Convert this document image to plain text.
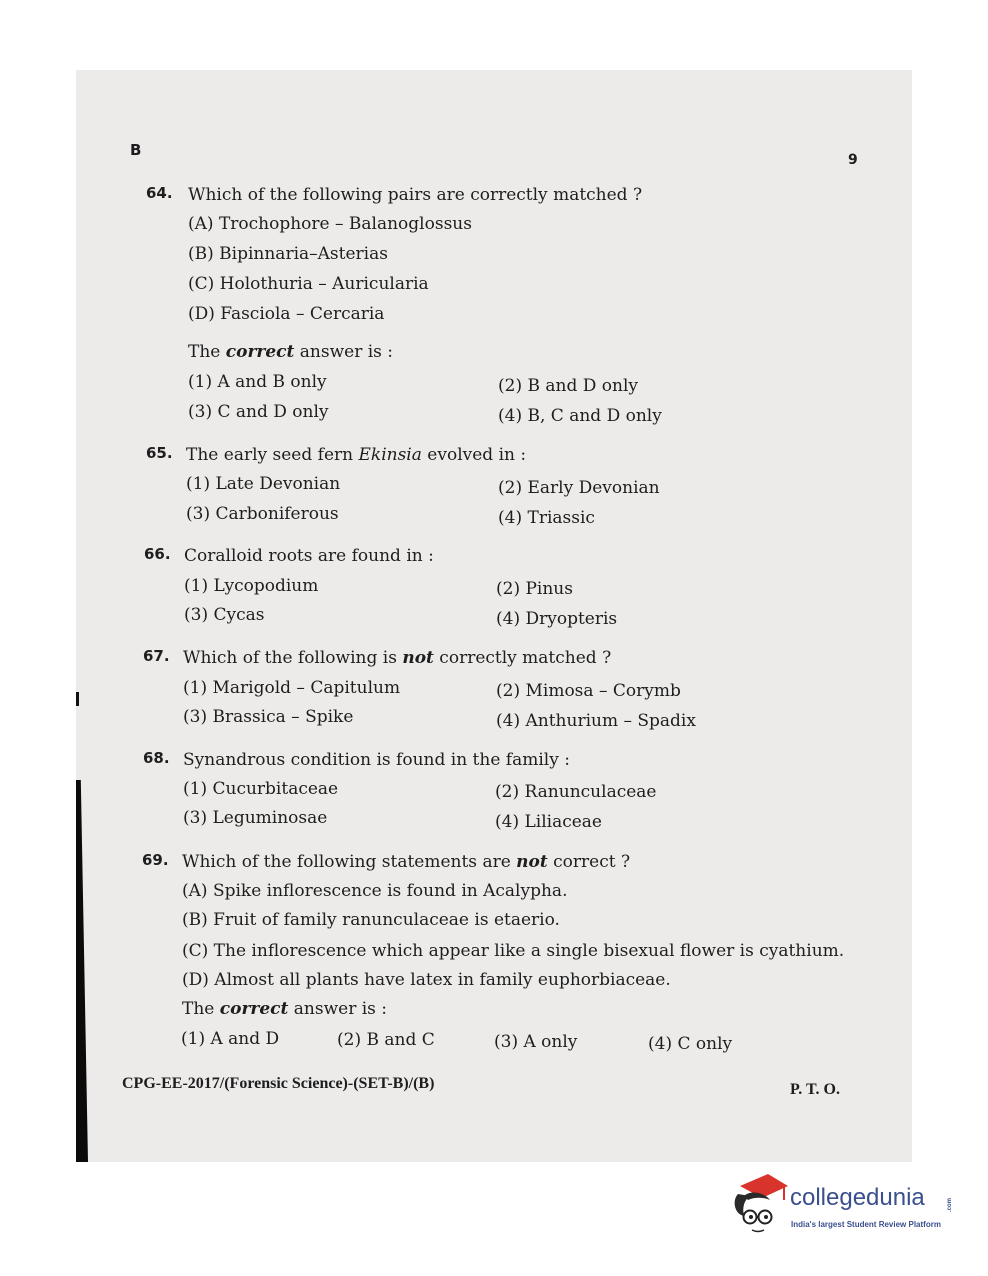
B
9
64. Which of the following pairs are correctly matched ?
(A) Trochophore – Balanoglossus
(B) Bipinnaria–Asterias
(C) Holothuria – Auricularia
(D) Fasciola – Cercaria
The correct answer is :
(1) A and B only	(2) B and D only
(3) C and D only	(4) B, C and D only
65. The early seed fern Ekinsia evolved in :
(1) Late Devonian	(2) Early Devonian
(3) Carboniferous	(4) Triassic
66. Coralloid roots are found in :
(1) Lycopodium	(2) Pinus
(3) Cycas	(4) Dryopteris
67. Which of the following is not correctly matched ?
(1) Marigold – Capitulum	(2) Mimosa – Corymb
(3) Brassica – Spike	(4) Anthurium – Spadix
68. Synandrous condition is found in the family :
(1) Cucurbitaceae	(2) Ranunculaceae
(3) Leguminosae	(4) Liliaceae
69. Which of the following statements are not correct ?
(A) Spike inflorescence is found in Acalypha.
(B) Fruit of family ranunculaceae is etaerio.
(C) The inflorescence which appear like a single bisexual flower is cyathium.
(D) Almost all plants have latex in family euphorbiaceae.
The correct answer is :
(1) A and D	(2) B and C	(3) A only	(4) C only
CPG-EE-2017/(Forensic Science)-(SET-B)/(B)	P. T. O.
collegedunia	.com
India's largest Student Review Platform
